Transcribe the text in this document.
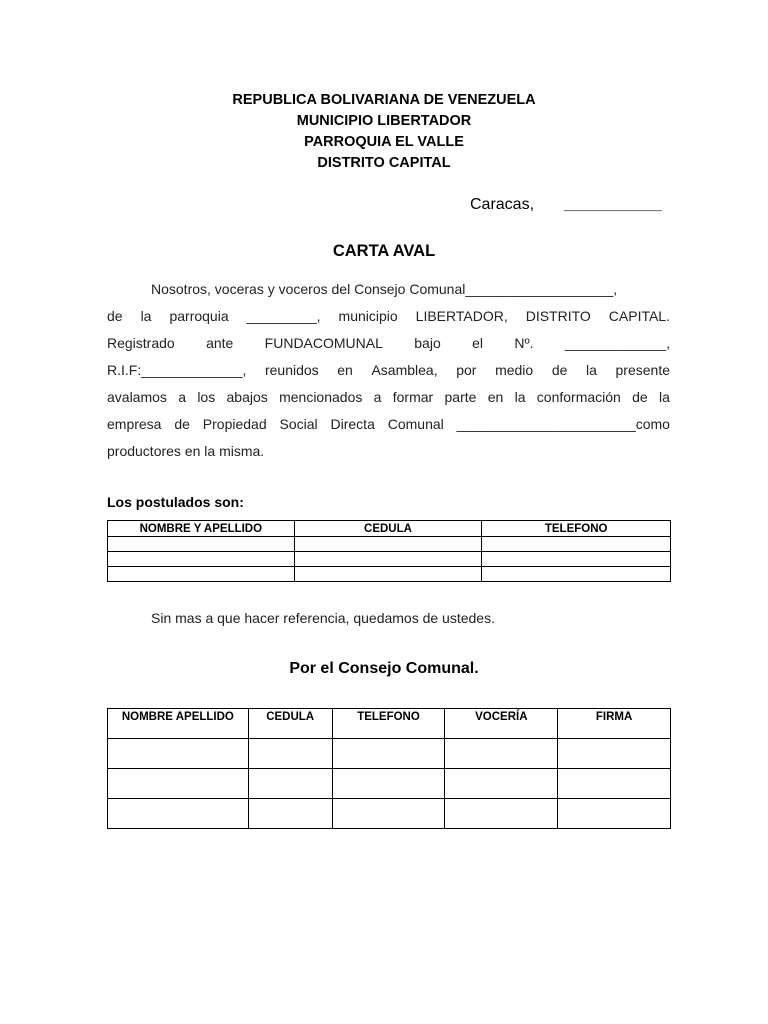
REPUBLICA BOLIVARIANA DE VENEZUELA
MUNICIPIO LIBERTADOR
PARROQUIA EL VALLE
DISTRITO CAPITAL
Caracas, ___________
CARTA AVAL
Nosotros, voceras y voceros del Consejo Comunal___________________,
de la parroquia _________, municipio LIBERTADOR, DISTRITO CAPITAL.
Registrado ante FUNDACOMUNAL bajo el Nº. _____________,
R.I.F:_____________, reunidos en Asamblea, por medio de la presente
avalamos a los abajos mencionados a formar parte en la conformación de la
empresa de Propiedad Social Directa Comunal _______________________como
productores en la misma.
Los postulados son:
NOMBRE Y APELLIDO	CEDULA	TELEFONO

Sin mas a que hacer referencia, quedamos de ustedes.
Por el Consejo Comunal.
NOMBRE APELLIDO	CEDULA	TELEFONO	VOCERÍA	FIRMA
